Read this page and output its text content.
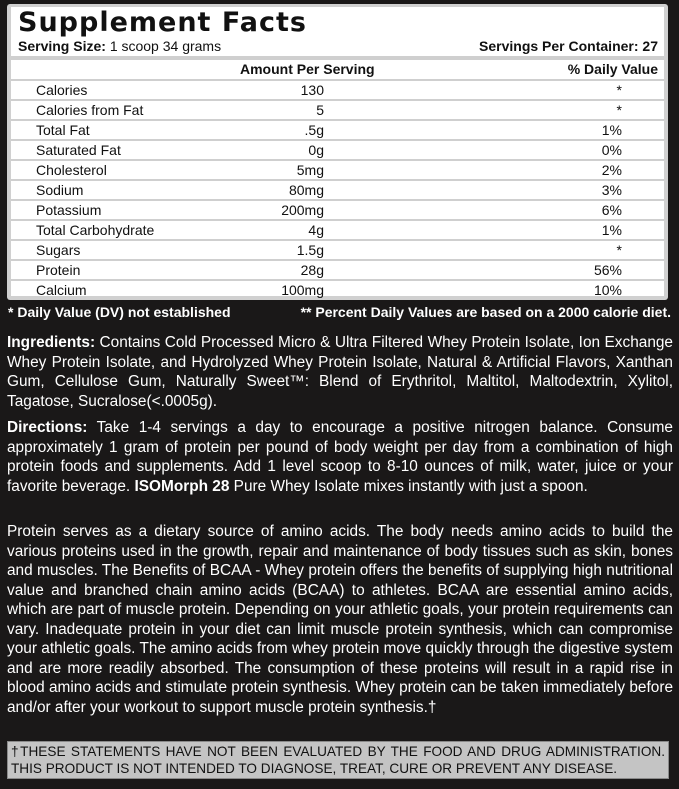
Supplement Facts
Serving Size: 1 scoop 34 grams	Servings Per Container: 27
Amount Per Serving	% Daily Value
Calories	130	*
Calories from Fat	5	*
Total Fat	.5g	1%
Saturated Fat	0g	0%
Cholesterol	5mg	2%
Sodium	80mg	3%
Potassium	200mg	6%
Total Carbohydrate	4g	1%
Sugars	1.5g	*
Protein	28g	56%
Calcium	100mg	10%
* Daily Value (DV) not established	** Percent Daily Values are based on a 2000 calorie diet.
Ingredients: Contains Cold Processed Micro & Ultra Filtered Whey Protein Isolate, Ion Exchange Whey Protein Isolate, and Hydrolyzed Whey Protein Isolate, Natural & Artificial Flavors, Xanthan Gum, Cellulose Gum, Naturally Sweet™: Blend of Erythritol, Maltitol, Maltodextrin, Xylitol, Tagatose, Sucralose(<.0005g).
Directions: Take 1-4 servings a day to encourage a positive nitrogen balance. Consume approximately 1 gram of protein per pound of body weight per day from a combination of high protein foods and supplements. Add 1 level scoop to 8-10 ounces of milk, water, juice or your favorite beverage. ISOMorph 28 Pure Whey Isolate mixes instantly with just a spoon.
Protein serves as a dietary source of amino acids. The body needs amino acids to build the various proteins used in the growth, repair and maintenance of body tissues such as skin, bones and muscles. The Benefits of BCAA - Whey protein offers the benefits of supplying high nutritional value and branched chain amino acids (BCAA) to athletes. BCAA are essential amino acids, which are part of muscle protein. Depending on your athletic goals, your protein requirements can vary. Inadequate protein in your diet can limit muscle protein synthesis, which can compromise your athletic goals. The amino acids from whey protein move quickly through the digestive system and are more readily absorbed. The consumption of these proteins will result in a rapid rise in blood amino acids and stimulate protein synthesis. Whey protein can be taken immediately before and/or after your workout to support muscle protein synthesis.†
†THESE STATEMENTS HAVE NOT BEEN EVALUATED BY THE FOOD AND DRUG ADMINISTRATION. THIS PRODUCT IS NOT INTENDED TO DIAGNOSE, TREAT, CURE OR PREVENT ANY DISEASE.
